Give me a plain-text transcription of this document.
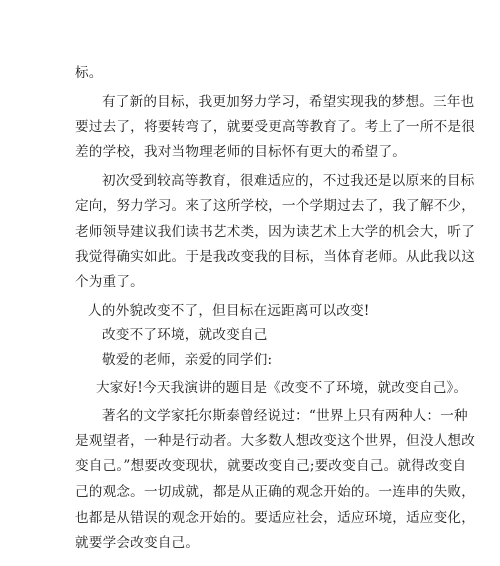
标。
有了新的目标，我更加努力学习，希望实现我的梦想。三年也
要过去了，将要转弯了，就要受更高等教育了。考上了一所不是很
差的学校，我对当物理老师的目标怀有更大的希望了。
初次受到较高等教育，很难适应的，不过我还是以原来的目标
定向，努力学习。来了这所学校，一个学期过去了，我了解不少，
老师领导建议我们读书艺术类，因为读艺术上大学的机会大，听了
我觉得确实如此。于是我改变我的目标，当体育老师。从此我以这
个为重了。
人的外貌改变不了，但目标在远距离可以改变!
改变不了环境，就改变自己
敬爱的老师，亲爱的同学们:
大家好!今天我演讲的题目是《改变不了环境，就改变自己》。
著名的文学家托尔斯泰曾经说过：“世界上只有两种人：一种
是观望者，一种是行动者。大多数人想改变这个世界，但没人想改
变自己。”想要改变现状，就要改变自己;要改变自己。就得改变自
己的观念。一切成就，都是从正确的观念开始的。一连串的失败，
也都是从错误的观念开始的。要适应社会，适应环境，适应变化，
就要学会改变自己。
